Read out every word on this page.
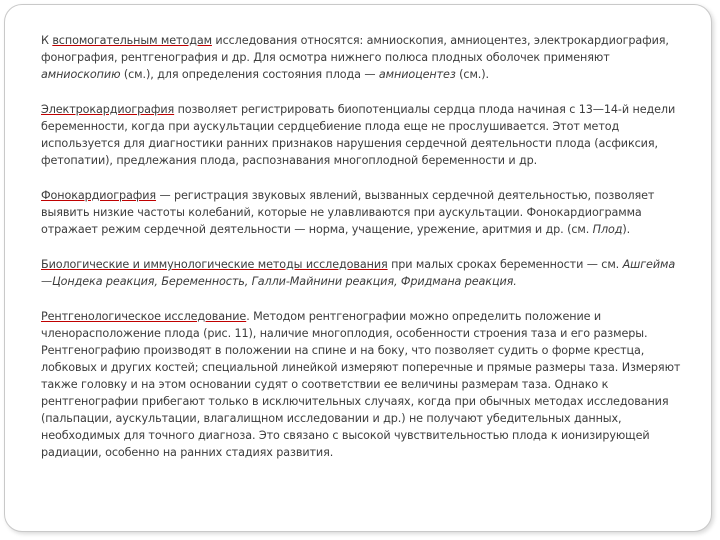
К вспомогательным методам исследования относятся: амниоскопия, амниоцентез, электрокардиография, фонография, рентгенография и др. Для осмотра нижнего полюса плодных оболочек применяют амниоскопию (см.), для определения состояния плода — амниоцентез (см.).

Электрокардиография позволяет регистрировать биопотенциалы сердца плода начиная с 13—14-й недели беременности, когда при аускультации сердцебиение плода еще не прослушивается. Этот метод используется для диагностики ранних признаков нарушения сердечной деятельности плода (асфиксия, фетопатии), предлежания плода, распознавания многоплодной беременности и др.

Фонокардиография — регистрация звуковых явлений, вызванных сердечной деятельностью, позволяет выявить низкие частоты колебаний, которые не улавливаются при аускультации. Фонокардиограмма отражает режим сердечной деятельности — норма, учащение, урежение, аритмия и др. (см. Плод).

Биологические и иммунологические методы исследования при малых сроках беременности — см. Ашгейма—Цондека реакция, Беременность, Галли-Майнини реакция, Фридмана реакция.

Рентгенологическое исследование. Методом рентгенографии можно определить положение и членорасположение плода (рис. 11), наличие многоплодия, особенности строения таза и его размеры. Рентгенографию производят в положении на спине и на боку, что позволяет судить о форме крестца, лобковых и других костей; специальной линейкой измеряют поперечные и прямые размеры таза. Измеряют также головку и на этом основании судят о соответствии ее величины размерам таза. Однако к рентгенографии прибегают только в исключительных случаях, когда при обычных методах исследования (пальпации, аускультации, влагалищном исследовании и др.) не получают убедительных данных, необходимых для точного диагноза. Это связано с высокой чувствительностью плода к ионизирующей радиации, особенно на ранних стадиях развития.
